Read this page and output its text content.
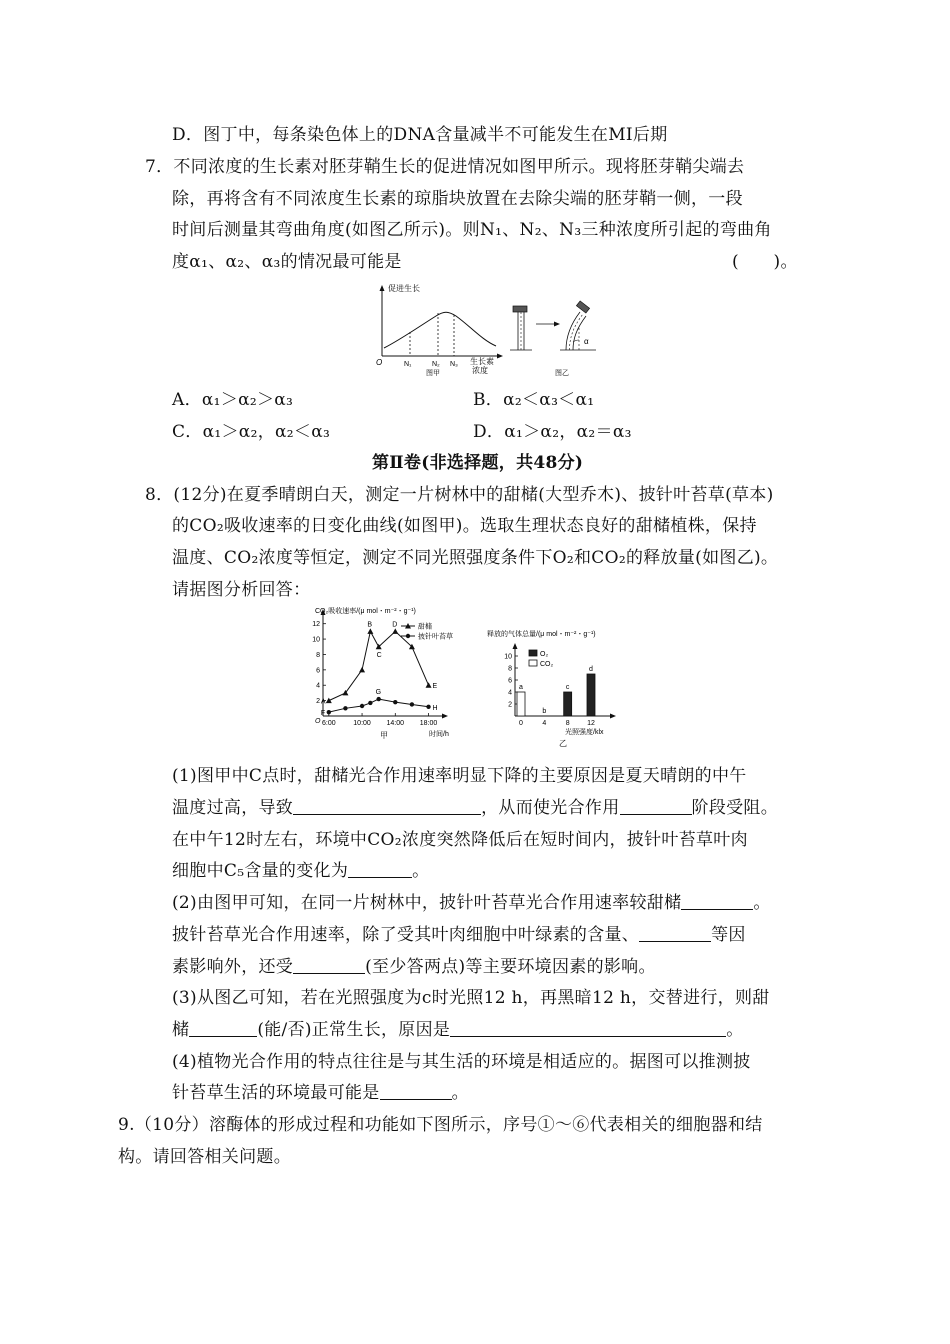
D．图丁中，每条染色体上的DNA含量减半不可能发生在MI后期
7．不同浓度的生长素对胚芽鞘生长的促进情况如图甲所示。现将胚芽鞘尖端去
除，再将含有不同浓度生长素的琼脂块放置在去除尖端的胚芽鞘一侧，一段
时间后测量其弯曲角度(如图乙所示)。则N₁、N₂、N₃三种浓度所引起的弯曲角
度α₁、α₂、α₃的情况最可能是	(　　)。
促进生长
O	N₁	N₂ N₃ 生长素
浓度
图甲
α
图乙
A．α₁＞α₂＞α₃	B．α₂＜α₃＜α₁
C．α₁＞α₂，α₂＜α₃	D．α₁＞α₂，α₂＝α₃
第Ⅱ卷(非选择题，共48分)
8．(12分)在夏季晴朗白天，测定一片树林中的甜槠(大型乔木)、披针叶苔草(草本)
的CO₂吸收速率的日变化曲线(如图甲)。选取生理状态良好的甜槠植株，保持
温度、CO₂浓度等恒定，测定不同光照强度条件下O₂和CO₂的释放量(如图乙)。
请据图分析回答：
CO₂吸收速率/(μ mol・m⁻²・g⁻¹)
O
2
4
6
8
10
12
6:00	10:00 14:00 18:00
时间/h
甲
A
B
C
D
E
甜槠
F
G
H
披针叶苔草	释放的气体总量/(μ mol・m⁻²・g⁻¹)
2
4
6
8
10
0
a
4
b
8
c
12
d
光照强度/klx
乙
O₂
CO₂
(1)图甲中C点时，甜槠光合作用速率明显下降的主要原因是夏天晴朗的中午
温度过高，导致	，从而使光合作用	阶段受阻。
在中午12时左右，环境中CO₂浓度突然降低后在短时间内，披针叶苔草叶肉
细胞中C₅含量的变化为	。
(2)由图甲可知，在同一片树林中，披针叶苔草光合作用速率较甜槠	。
披针苔草光合作用速率，除了受其叶肉细胞中叶绿素的含量、	等因
素影响外，还受	(至少答两点)等主要环境因素的影响。
(3)从图乙可知，若在光照强度为c时光照12 h，再黑暗12 h，交替进行，则甜
槠	(能/否)正常生长，原因是	。
(4)植物光合作用的特点往往是与其生活的环境是相适应的。据图可以推测披
针苔草生活的环境最可能是	。
9.（10分）溶酶体的形成过程和功能如下图所示，序号①～⑥代表相关的细胞器和结
构。请回答相关问题。
